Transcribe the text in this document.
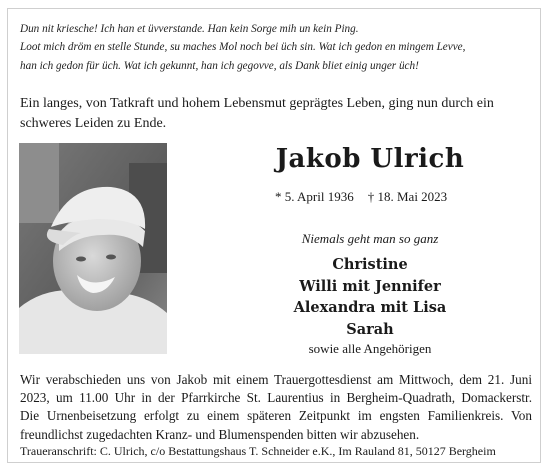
Dun nit kriesche! Ich han et üvverstande. Han kein Sorge mih un kein Ping.
Loot mich dröm en stelle Stunde, su maches Mol noch bei üch sin. Wat ich gedon en mingem Levve,
han ich gedon für üch. Wat ich gekunnt, han ich gegovve, als Dank bliet einig unger üch!
Ein langes, von Tatkraft und hohem Lebensmut geprägtes Leben, ging nun durch ein schweres Leiden zu Ende.
Jakob Ulrich
* 5. April 1936 † 18. Mai 2023
Niemals geht man so ganz
Christine
Willi mit Jennifer
Alexandra mit Lisa
Sarah
sowie alle Angehörigen
Wir verabschieden uns von Jakob mit einem Trauergottesdienst am Mittwoch, dem 21. Juni
2023, um 11.00 Uhr in der Pfarrkirche St. Laurentius in Bergheim-Quadrath, Domackerstr.
Die Urnenbeisetzung erfolgt zu einem späteren Zeitpunkt im engsten Familienkreis. Von
freundlichst zugedachten Kranz- und Blumenspenden bitten wir abzusehen.
Traueranschrift: C. Ulrich, c/o Bestattungshaus T. Schneider e.K., Im Rauland 81, 50127 Bergheim
